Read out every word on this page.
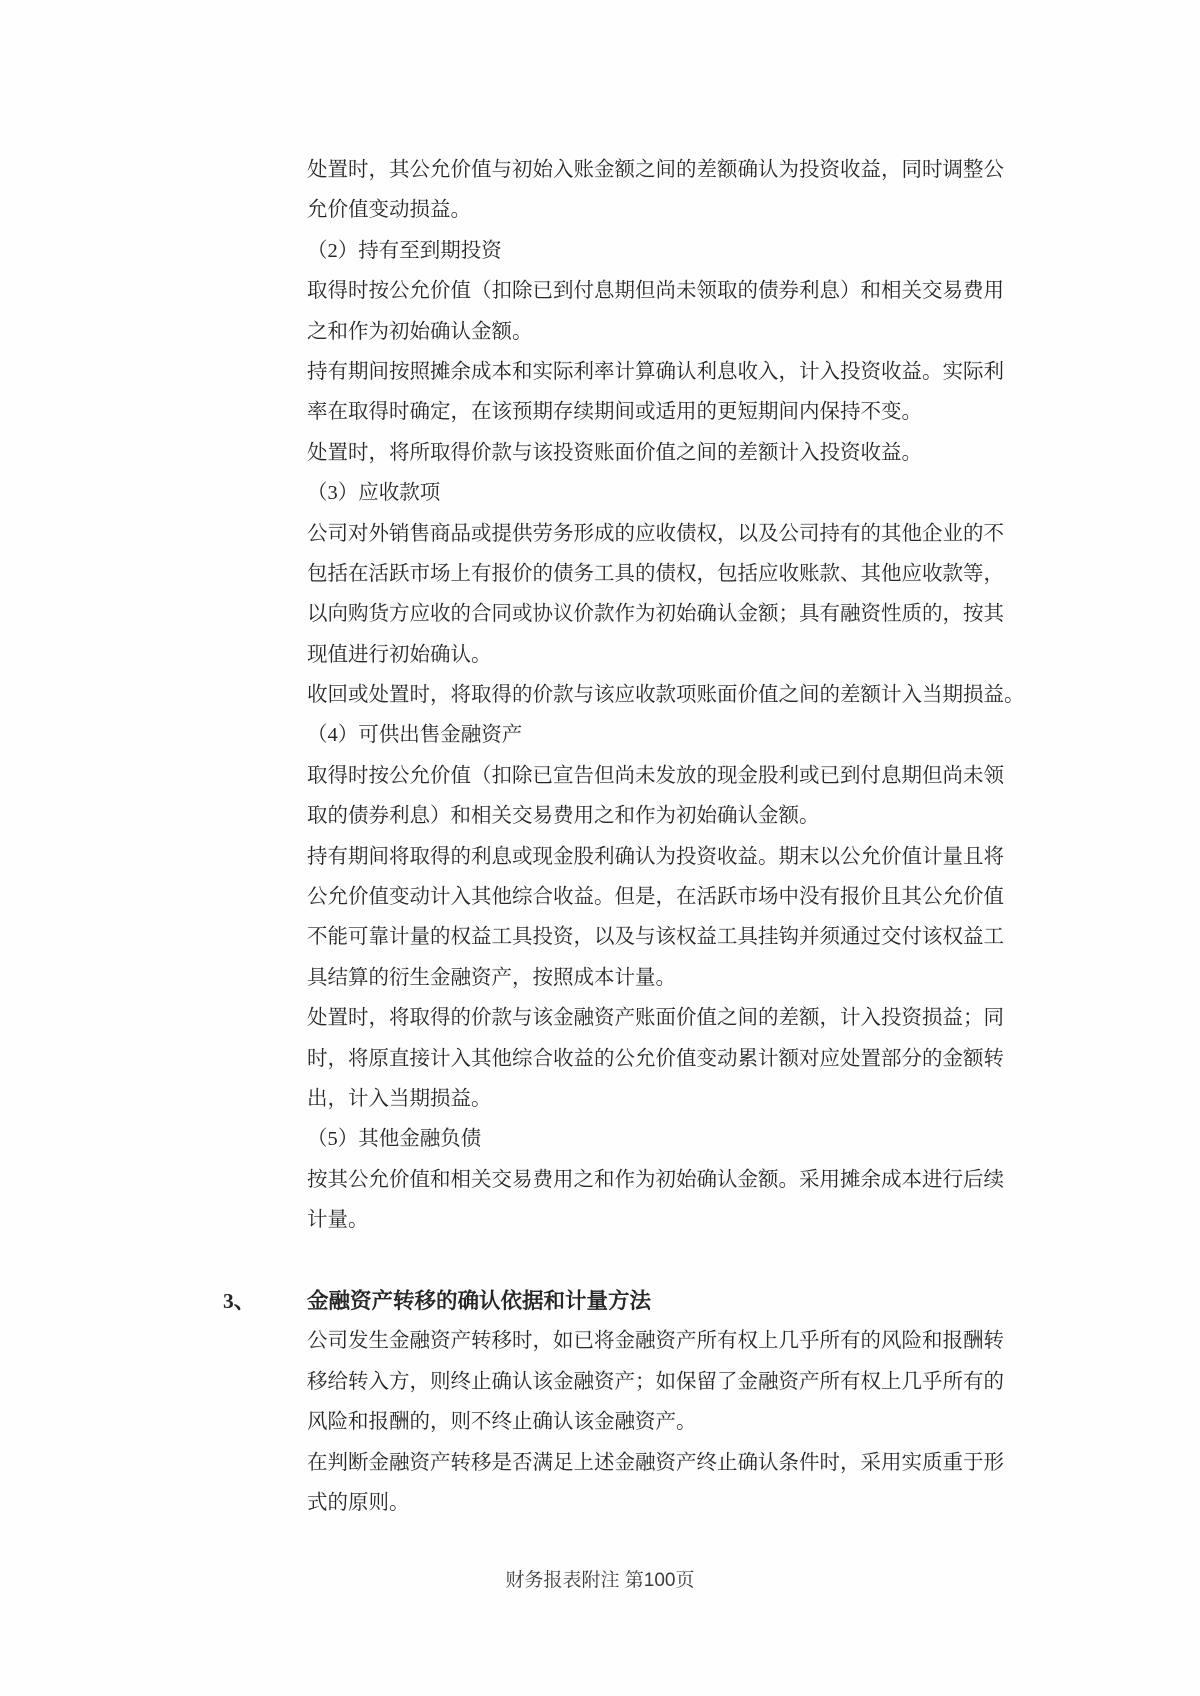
处置时，其公允价值与初始入账金额之间的差额确认为投资收益，同时调整公
允价值变动损益。
（2）持有至到期投资
取得时按公允价值（扣除已到付息期但尚未领取的债券利息）和相关交易费用
之和作为初始确认金额。
持有期间按照摊余成本和实际利率计算确认利息收入，计入投资收益。实际利
率在取得时确定，在该预期存续期间或适用的更短期间内保持不变。
处置时，将所取得价款与该投资账面价值之间的差额计入投资收益。
（3）应收款项
公司对外销售商品或提供劳务形成的应收债权，以及公司持有的其他企业的不
包括在活跃市场上有报价的债务工具的债权，包括应收账款、其他应收款等，
以向购货方应收的合同或协议价款作为初始确认金额；具有融资性质的，按其
现值进行初始确认。
收回或处置时，将取得的价款与该应收款项账面价值之间的差额计入当期损益。
（4）可供出售金融资产
取得时按公允价值（扣除已宣告但尚未发放的现金股利或已到付息期但尚未领
取的债券利息）和相关交易费用之和作为初始确认金额。
持有期间将取得的利息或现金股利确认为投资收益。期末以公允价值计量且将
公允价值变动计入其他综合收益。但是，在活跃市场中没有报价且其公允价值
不能可靠计量的权益工具投资，以及与该权益工具挂钩并须通过交付该权益工
具结算的衍生金融资产，按照成本计量。
处置时，将取得的价款与该金融资产账面价值之间的差额，计入投资损益；同
时，将原直接计入其他综合收益的公允价值变动累计额对应处置部分的金额转
出，计入当期损益。
（5）其他金融负债
按其公允价值和相关交易费用之和作为初始确认金额。采用摊余成本进行后续
计量。
3、 金融资产转移的确认依据和计量方法
公司发生金融资产转移时，如已将金融资产所有权上几乎所有的风险和报酬转
移给转入方，则终止确认该金融资产；如保留了金融资产所有权上几乎所有的
风险和报酬的，则不终止确认该金融资产。
在判断金融资产转移是否满足上述金融资产终止确认条件时，采用实质重于形
式的原则。
财务报表附注 第100页
